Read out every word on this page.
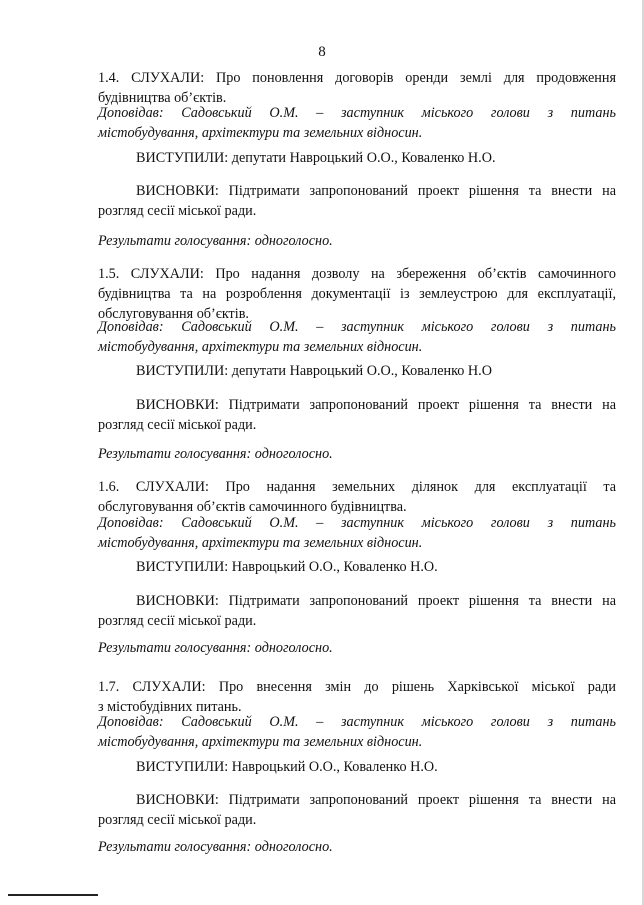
8
1.4. СЛУХАЛИ: Про поновлення договорів оренди землі для продовження
будівництва об’єктів.
Доповідав: Садовський О.М. – заступник міського голови з питань
містобудування, архітектури та земельних відносин.
ВИСТУПИЛИ: депутати Навроцький О.О., Коваленко Н.О.
ВИСНОВКИ: Підтримати запропонований проект рішення та внести на
розгляд сесії міської ради.
Результати голосування: одноголосно.
1.5. СЛУХАЛИ: Про надання дозволу на збереження об’єктів самочинного
будівництва та на розроблення документації із землеустрою для експлуатації,
обслуговування об’єктів.
Доповідав: Садовський О.М. – заступник міського голови з питань
містобудування, архітектури та земельних відносин.
ВИСТУПИЛИ: депутати Навроцький О.О., Коваленко Н.О
ВИСНОВКИ: Підтримати запропонований проект рішення та внести на
розгляд сесії міської ради.
Результати голосування: одноголосно.
1.6. СЛУХАЛИ: Про надання земельних ділянок для експлуатації та
обслуговування об’єктів самочинного будівництва.
Доповідав: Садовський О.М. – заступник міського голови з питань
містобудування, архітектури та земельних відносин.
ВИСТУПИЛИ: Навроцький О.О., Коваленко Н.О.
ВИСНОВКИ: Підтримати запропонований проект рішення та внести на
розгляд сесії міської ради.
Результати голосування: одноголосно.
1.7. СЛУХАЛИ: Про внесення змін до рішень Харківської міської ради
з містобудівних питань.
Доповідав: Садовський О.М. – заступник міського голови з питань
містобудування, архітектури та земельних відносин.
ВИСТУПИЛИ: Навроцький О.О., Коваленко Н.О.
ВИСНОВКИ: Підтримати запропонований проект рішення та внести на
розгляд сесії міської ради.
Результати голосування: одноголосно.
